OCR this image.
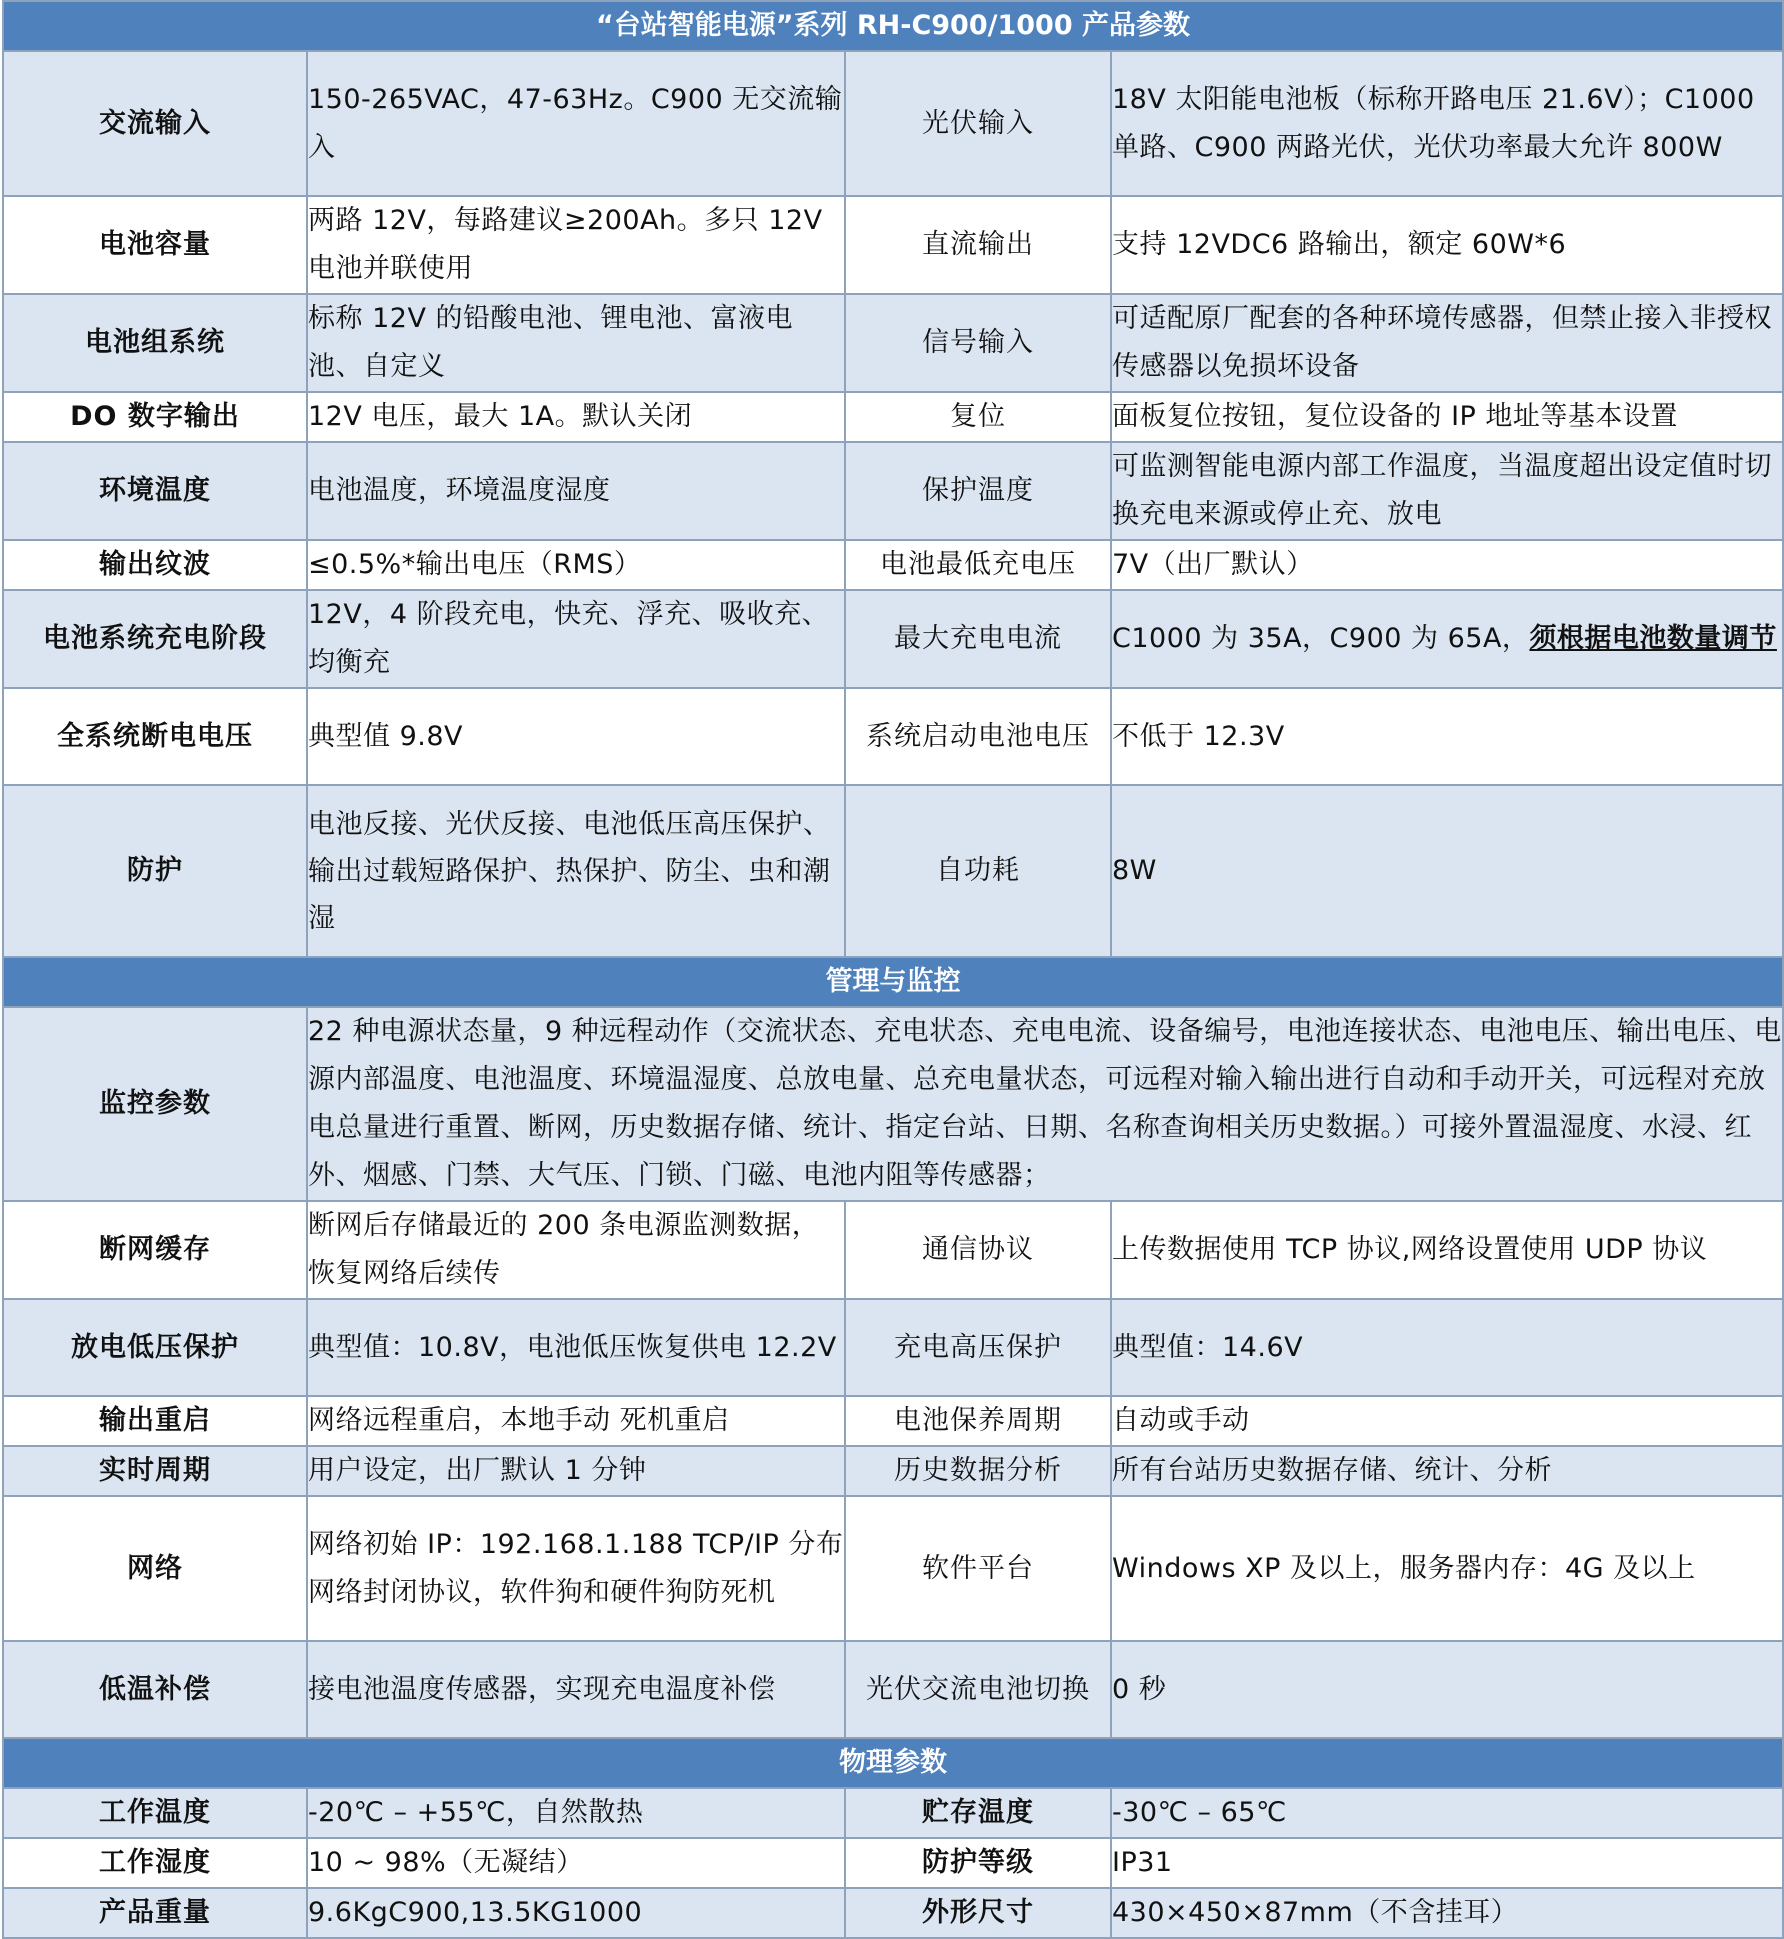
“台站智能电源”系列 RH-C900/1000 产品参数			
交流输入	150-265VAC，47-63Hz。C900 无交流输入	光伏输入	18V 太阳能电池板（标称开路电压 21.6V）；C1000 单路、C900 两路光伏，光伏功率最大允许 800W
电池容量	两路 12V，每路建议≥200Ah。多只 12V 电池并联使用	直流输出	支持 12VDC6 路输出，额定 60W*6
电池组系统	标称 12V 的铅酸电池、锂电池、富液电池、自定义	信号输入	可适配原厂配套的各种环境传感器，但禁止接入非授权传感器以免损坏设备
DO 数字输出	12V 电压，最大 1A。默认关闭	复位	面板复位按钮，复位设备的 IP 地址等基本设置
环境温度	电池温度，环境温度湿度	保护温度	可监测智能电源内部工作温度，当温度超出设定值时切换充电来源或停止充、放电
输出纹波	≤0.5%*输出电压（RMS）	电池最低充电压	7V（出厂默认）
电池系统充电阶段	12V，4 阶段充电，快充、浮充、吸收充、均衡充	最大充电电流	C1000 为 35A，C900 为 65A，须根据电池数量调节
全系统断电电压	典型值 9.8V	系统启动电池电压	不低于 12.3V
防护	电池反接、光伏反接、电池低压高压保护、输出过载短路保护、热保护、防尘、虫和潮湿	自功耗	8W
管理与监控			
监控参数	22 种电源状态量，9 种远程动作（交流状态、充电状态、充电电流、设备编号，电池连接状态、电池电压、输出电压、电源内部温度、电池温度、环境温湿度、总放电量、总充电量状态，可远程对输入输出进行自动和手动开关，可远程对充放电总量进行重置、断网，历史数据存储、统计、指定台站、日期、名称查询相关历史数据。）可接外置温湿度、水浸、红外、烟感、门禁、大气压、门锁、门磁、电池内阻等传感器；		
断网缓存	断网后存储最近的 200 条电源监测数据，恢复网络后续传	通信协议	上传数据使用 TCP 协议,网络设置使用 UDP 协议
放电低压保护	典型值：10.8V，电池低压恢复供电 12.2V	充电高压保护	典型值：14.6V
输出重启	网络远程重启，本地手动 死机重启	电池保养周期	自动或手动
实时周期	用户设定，出厂默认 1 分钟	历史数据分析	所有台站历史数据存储、统计、分析
网络	网络初始 IP：192.168.1.188 TCP/IP 分布网络封闭协议，软件狗和硬件狗防死机	软件平台	Windows XP 及以上，服务器内存：4G 及以上
低温补偿	接电池温度传感器，实现充电温度补偿	光伏交流电池切换	0 秒
物理参数			
工作温度	-20℃ – +55℃，自然散热	贮存温度	-30℃ – 65℃
工作湿度	10 ~ 98%（无凝结）	防护等级	IP31
产品重量	9.6KgC900,13.5KG1000	外形尺寸	430×450×87mm（不含挂耳）
